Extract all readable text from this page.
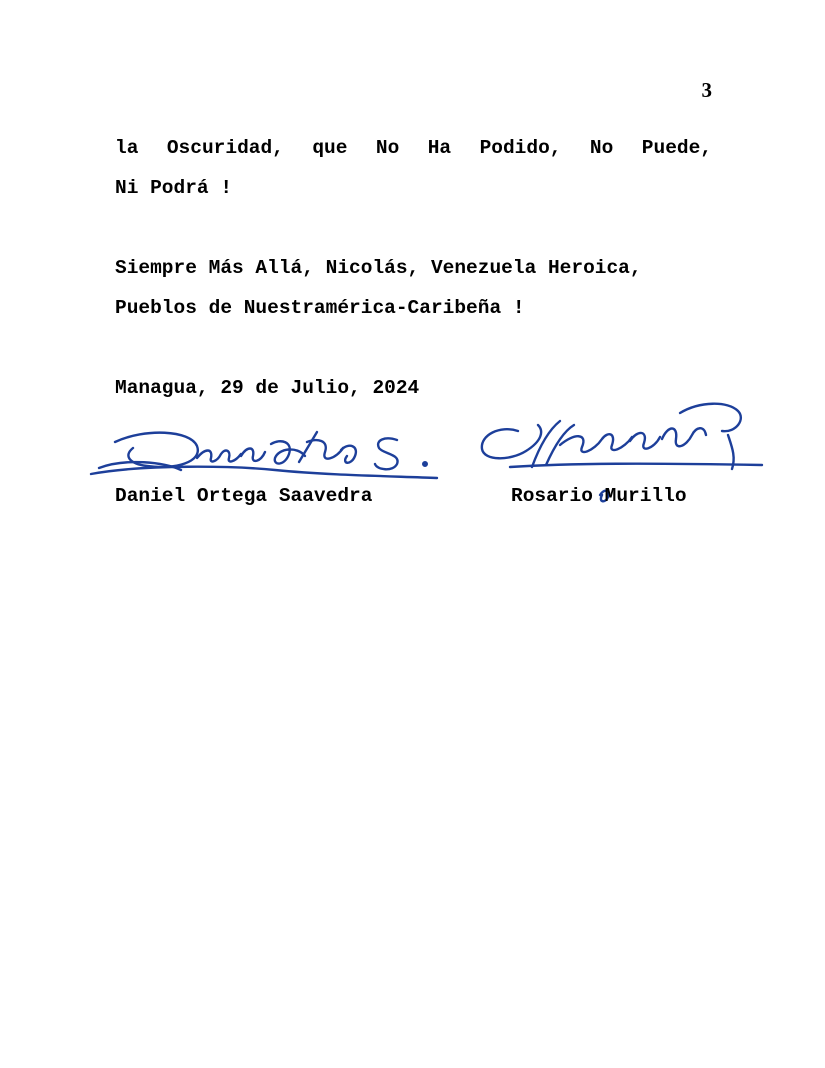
3
la Oscuridad, que No Ha Podido, No Puede,
Ni Podrá !
Siempre Más Allá, Nicolás, Venezuela Heroica,
Pueblos de Nuestramérica-Caribeña !
Managua, 29 de Julio, 2024
Daniel Ortega Saavedra	Rosario Murillo
